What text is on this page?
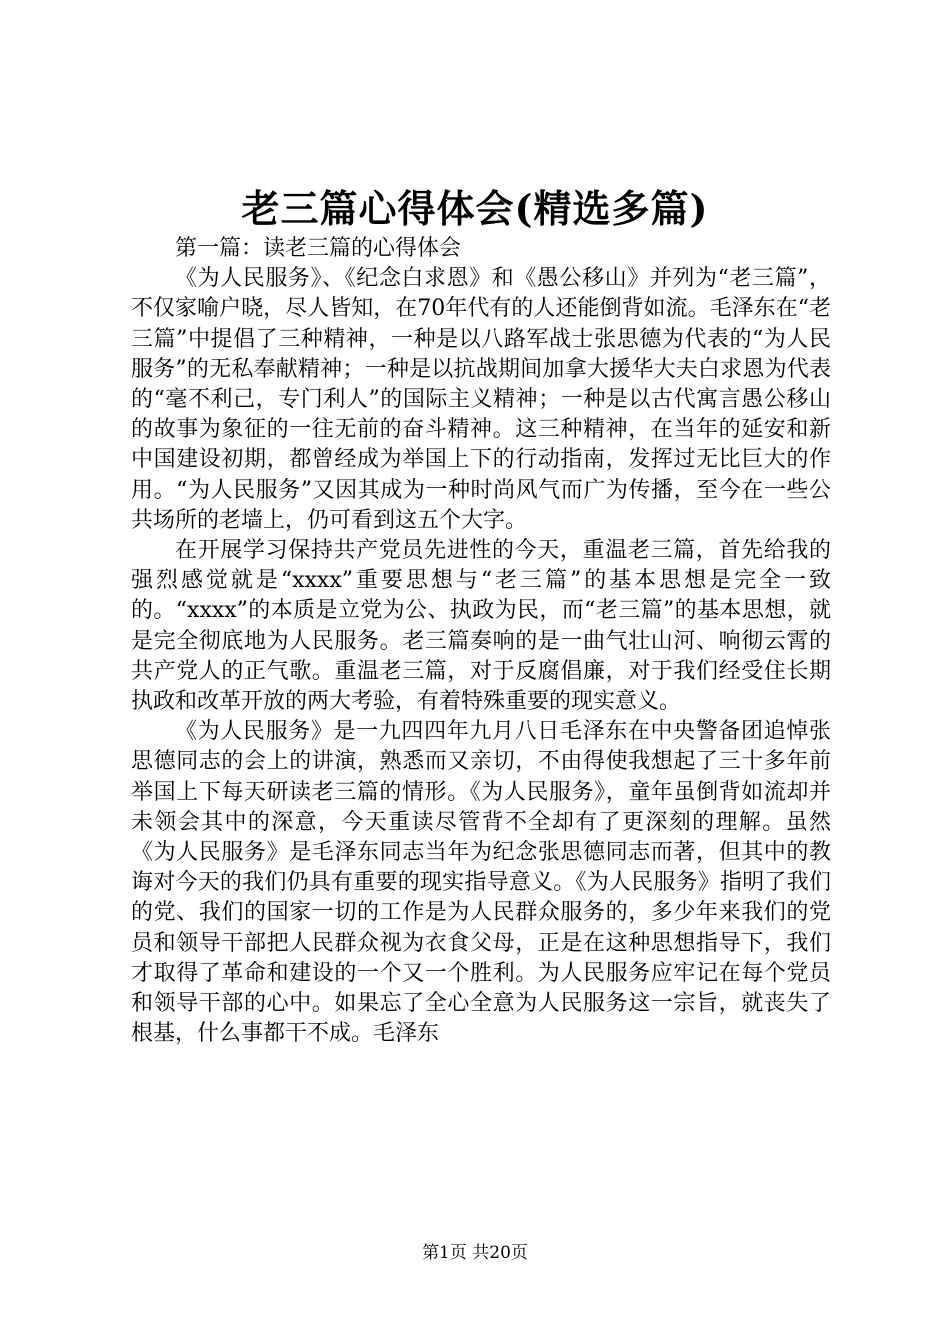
老三篇心得体会(精选多篇)

第一篇：读老三篇的心得体会

《为人民服务》、《纪念白求恩》和《愚公移山》并列为“老三篇”，不仅家喻户晓，尽人皆知，在70年代有的人还能倒背如流。毛泽东在“老三篇”中提倡了三种精神，一种是以八路军战士张思德为代表的“为人民服务”的无私奉献精神；一种是以抗战期间加拿大援华大夫白求恩为代表的“毫不利己，专门利人”的国际主义精神；一种是以古代寓言愚公移山的故事为象征的一往无前的奋斗精神。这三种精神，在当年的延安和新中国建设初期，都曾经成为举国上下的行动指南，发挥过无比巨大的作用。“为人民服务”又因其成为一种时尚风气而广为传播，至今在一些公共场所的老墙上，仍可看到这五个大字。

在开展学习保持共产党员先进性的今天，重温老三篇，首先给我的强烈感觉就是“xxxx”重要思想与“老三篇”的基本思想是完全一致的。“xxxx”的本质是立党为公、执政为民，而“老三篇”的基本思想，就是完全彻底地为人民服务。老三篇奏响的是一曲气壮山河、响彻云霄的共产党人的正气歌。重温老三篇，对于反腐倡廉，对于我们经受住长期执政和改革开放的两大考验，有着特殊重要的现实意义。

《为人民服务》是一九四四年九月八日毛泽东在中央警备团追悼张思德同志的会上的讲演，熟悉而又亲切，不由得使我想起了三十多年前举国上下每天研读老三篇的情形。《为人民服务》，童年虽倒背如流却并未领会其中的深意，今天重读尽管背不全却有了更深刻的理解。虽然《为人民服务》是毛泽东同志当年为纪念张思德同志而著，但其中的教诲对今天的我们仍具有重要的现实指导意义。《为人民服务》指明了我们的党、我们的国家一切的工作是为人民群众服务的，多少年来我们的党员和领导干部把人民群众视为衣食父母，正是在这种思想指导下，我们才取得了革命和建设的一个又一个胜利。为人民服务应牢记在每个党员和领导干部的心中。如果忘了全心全意为人民服务这一宗旨，就丧失了根基，什么事都干不成。毛泽东

第1页 共20页
